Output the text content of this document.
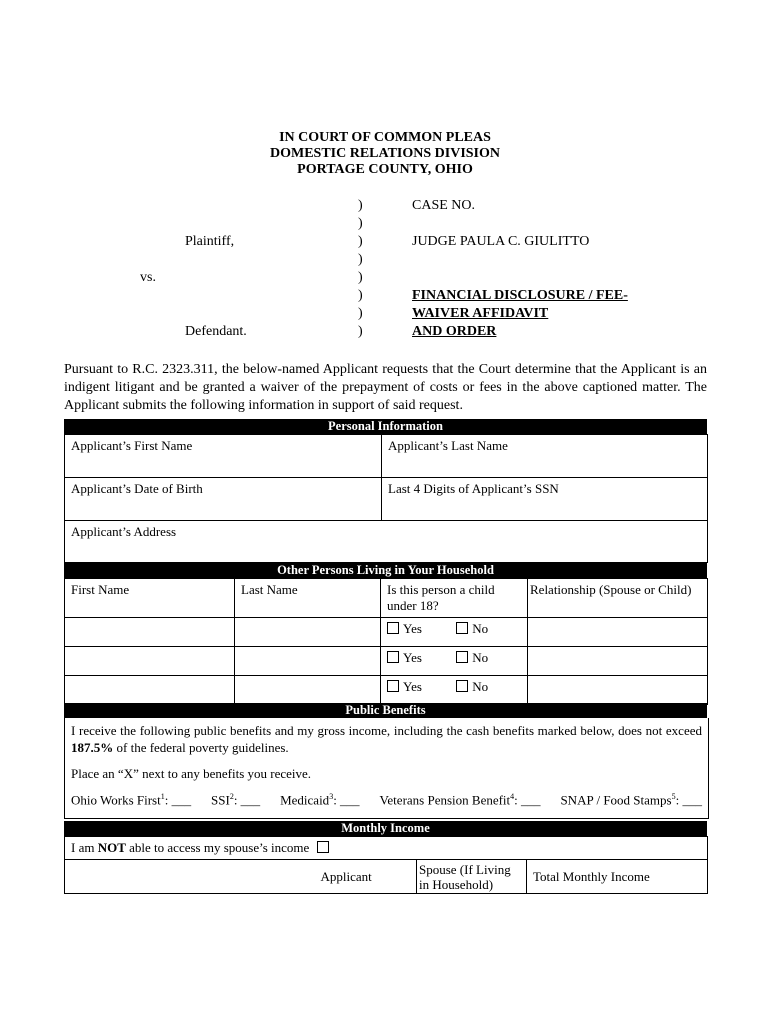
IN COURT OF COMMON PLEAS
DOMESTIC RELATIONS DIVISION
PORTAGE COUNTY, OHIO
)
)
)
)
)
)
)
)
CASE NO.
Plaintiff,	JUDGE PAULA C. GIULITTO
vs.
FINANCIAL DISCLOSURE / FEE-
WAIVER AFFIDAVIT
AND ORDER
Defendant.
Pursuant to R.C. 2323.311, the below-named Applicant requests that the Court determine that the Applicant is an indigent litigant and be granted a waiver of the prepayment of costs or fees in the above captioned matter. The Applicant submits the following information in support of said request.
Personal Information
Applicant’s First Name	Applicant’s Last Name
Applicant’s Date of Birth	Last 4 Digits of Applicant’s SSN
Applicant’s Address	
Other Persons Living in Your Household
First Name	Last Name	Is this person a child under 18?	Relationship (Spouse or Child)
		Yes No	
		Yes No	
		Yes No	
Public Benefits

I receive the following public benefits and my gross income, including the cash benefits marked below, does not exceed 187.5% of the federal poverty guidelines.

Place an “X” next to any benefits you receive.

Ohio Works First$^1$: ___ SSI$^2$: ___ Medicaid$^3$: ___ Veterans Pension Benefit$^4$: ___ SNAP / Food Stamps$^5$: ___

Monthly Income
I am NOT able to access my spouse’s income
	Applicant	Spouse (If Living in Household)	Total Monthly Income
